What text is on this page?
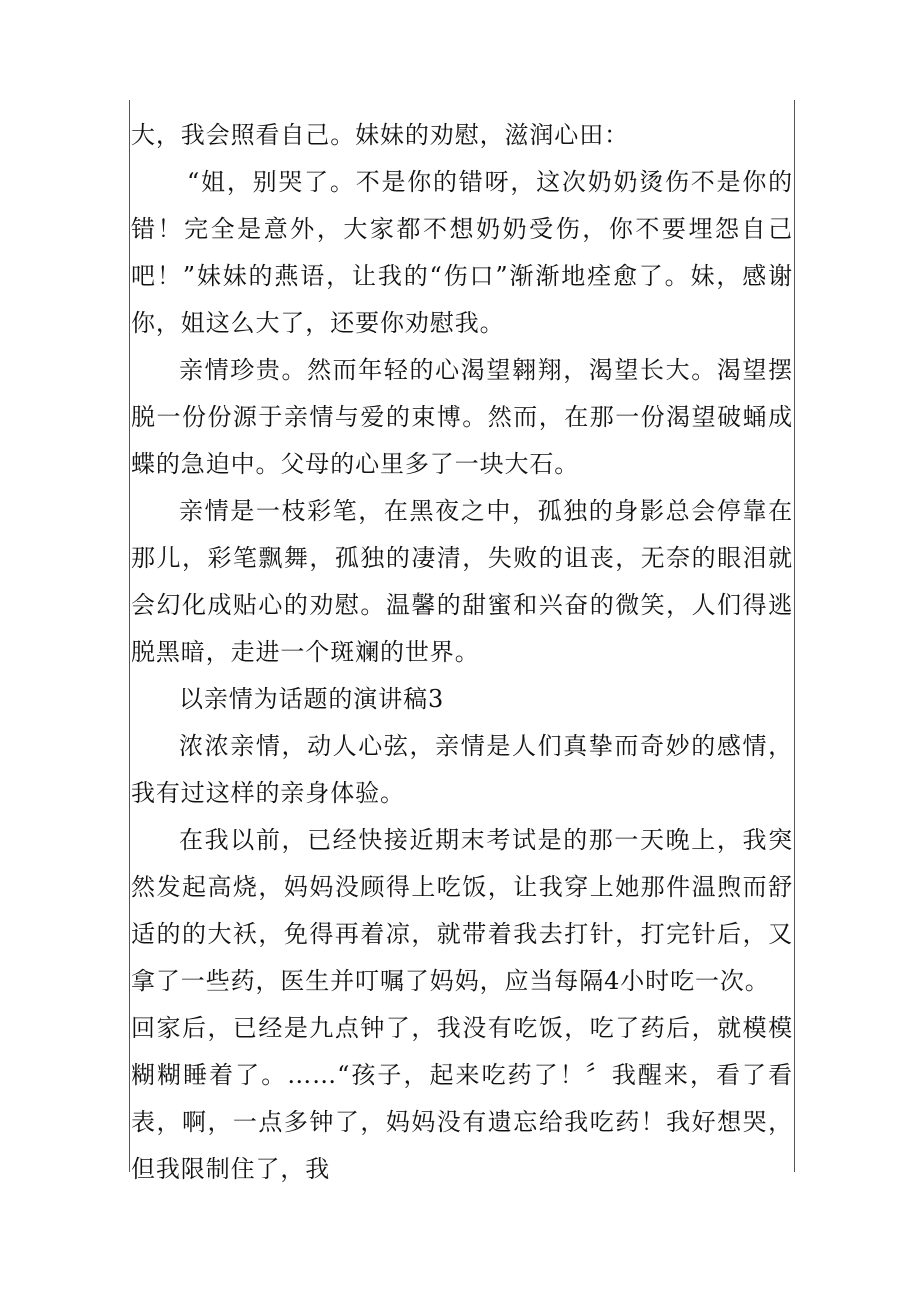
大，我会照看自己。妹妹的劝慰，滋润心田：

“姐，别哭了。不是你的错呀，这次奶奶烫伤不是你的错！完全是意外，大家都不想奶奶受伤，你不要埋怨自己吧！”妹妹的燕语，让我的“伤口”渐渐地痊愈了。妹，感谢你，姐这么大了，还要你劝慰我。

亲情珍贵。然而年轻的心渴望翱翔，渴望长大。渴望摆脱一份份源于亲情与爱的束博。然而，在那一份渴望破蛹成蝶的急迫中。父母的心里多了一块大石。

亲情是一枝彩笔，在黑夜之中，孤独的身影总会停靠在那儿，彩笔飘舞，孤独的凄清，失败的诅丧，无奈的眼泪就会幻化成贴心的劝慰。温馨的甜蜜和兴奋的微笑，人们得逃脱黑暗，走进一个斑斓的世界。

以亲情为话题的演讲稿3

浓浓亲情，动人心弦，亲情是人们真挚而奇妙的感情，我有过这样的亲身体验。

在我以前，已经快接近期末考试是的那一天晚上，我突然发起高烧，妈妈没顾得上吃饭，让我穿上她那件温煦而舒适的的大袄，免得再着凉，就带着我去打针，打完针后，又拿了一些药，医生并叮嘱了妈妈，应当每隔4小时吃一次。

回家后，已经是九点钟了，我没有吃饭，吃了药后，就模模糊糊睡着了。……“孩子，起来吃药了！〞我醒来，看了看表，啊，一点多钟了，妈妈没有遗忘给我吃药！我好想哭，但我限制住了，我
